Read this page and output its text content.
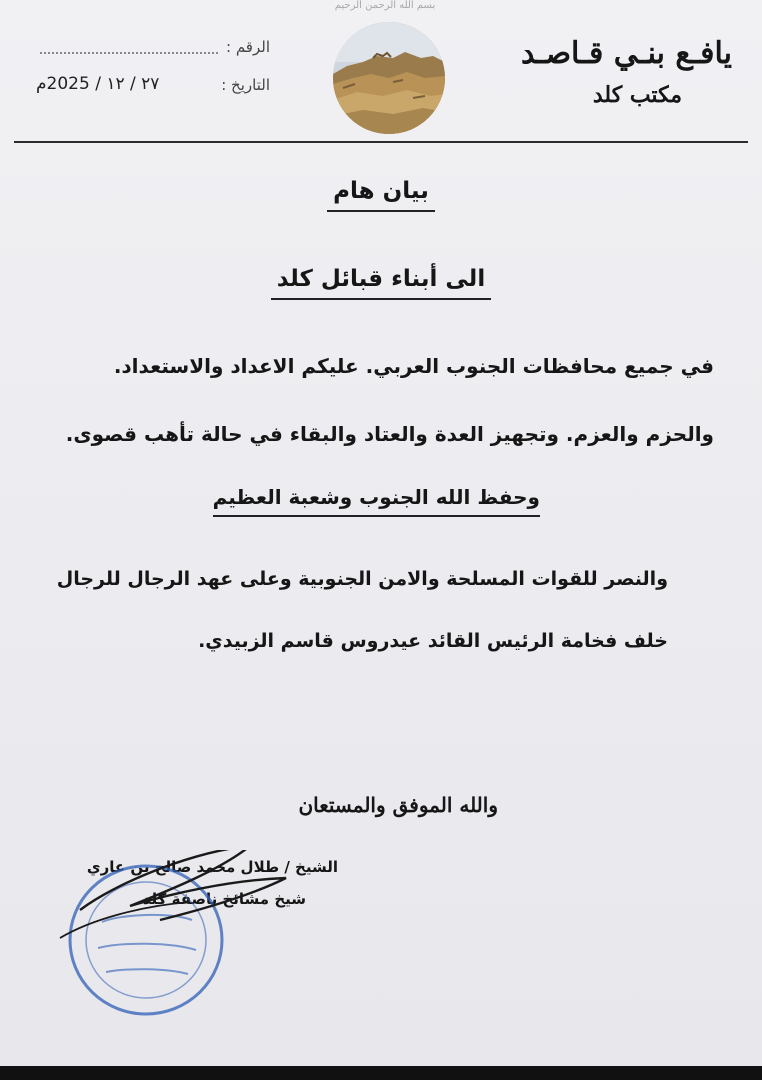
بسم الله الرحمن الرحيم
يافـع بنـي قـاصـد
مكتب كلد
الرقم :
التاريخ :
٢٧ / ١٢ / 2025م
بيان هام
الى أبناء قبائل كلد
في جميع محافظات الجنوب العربي. عليكم الاعداد والاستعداد. والحزم والعزم. وتجهيز العدة والعتاد والبقاء في حالة تأهب قصوى.
وحفظ الله الجنوب وشعبة العظيم
والنصر للقوات المسلحة والامن الجنوبية وعلى عهد الرجال للرجال خلف فخامة الرئيس القائد عيدروس قاسم الزبيدي.
والله الموفق والمستعان
الشيخ / طلال محمد صالح بن عاري
شيخ مشائخ ناصفة كلد
